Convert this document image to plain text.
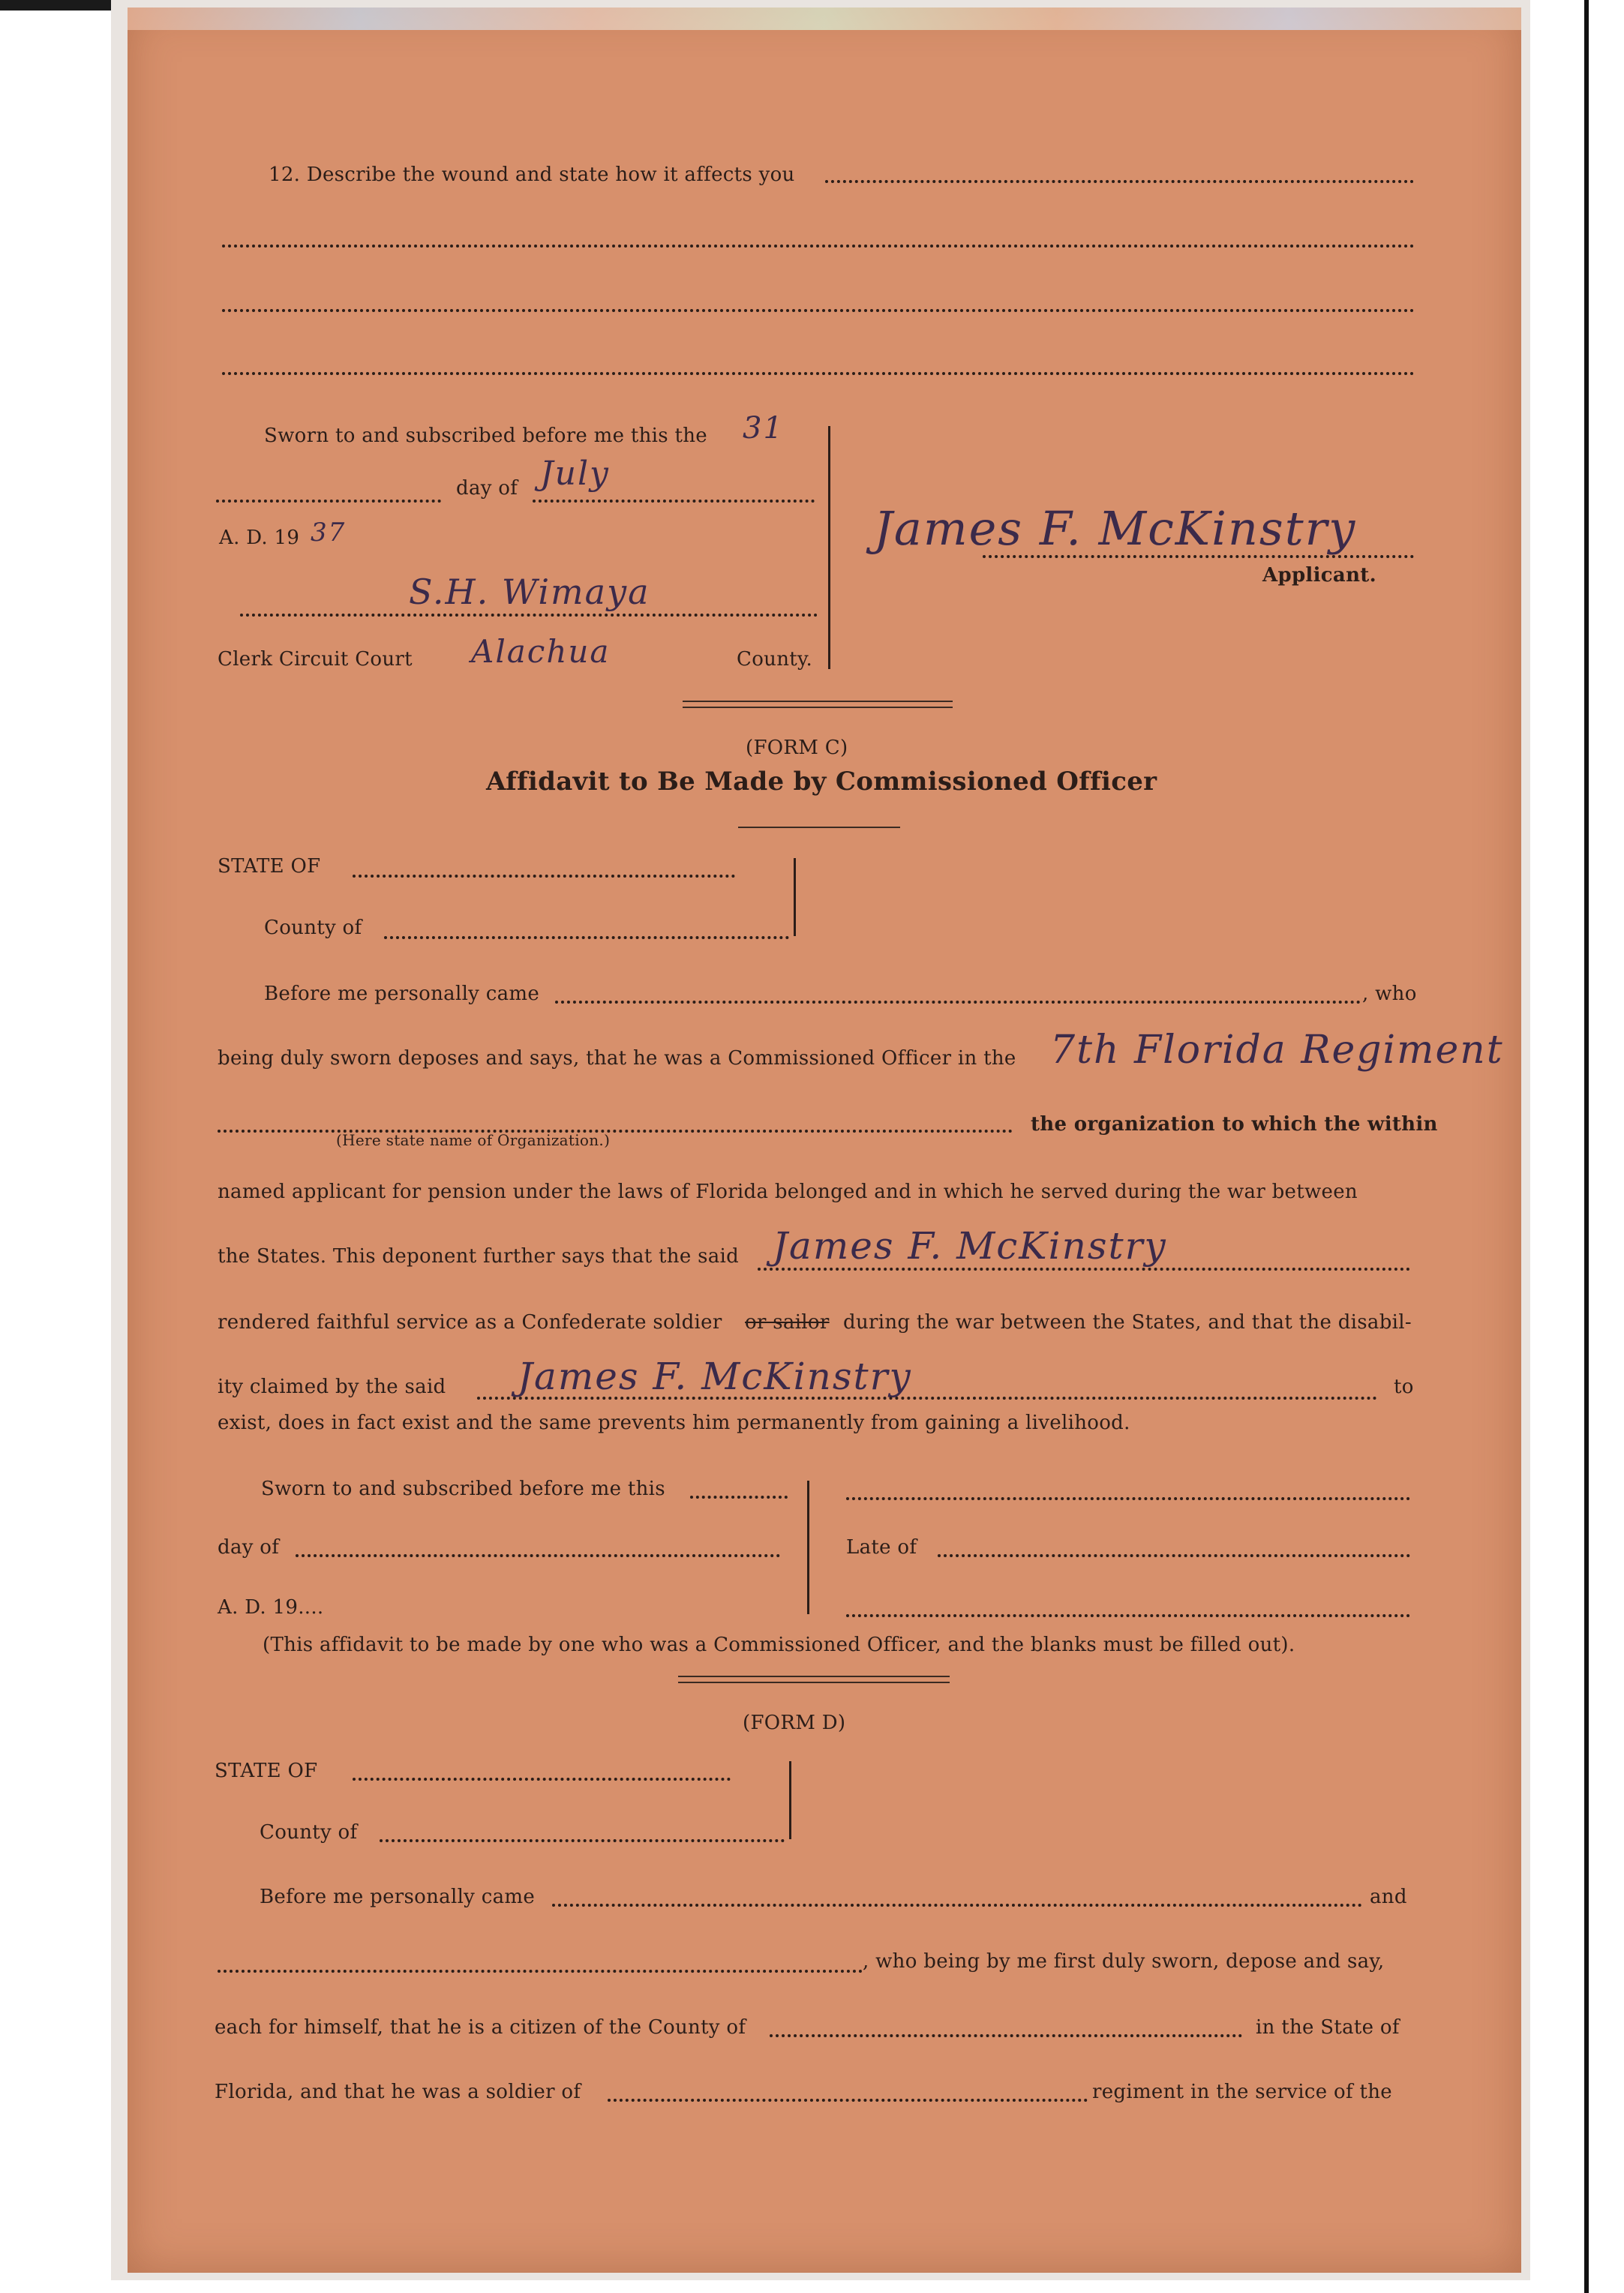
12. Describe the wound and state how it affects you
Sworn to and subscribed before me this the 31
day of July
A. D. 19 37
S.H. Wimaya
Clerk Circuit Court Alachua	County.
James F. McKinstry
Applicant.
(FORM C)
Affidavit to Be Made by Commissioned Officer
STATE OF
County of
Before me personally came	, who
being duly sworn deposes and says, that he was a Commissioned Officer in the 7th Florida Regiment
(Here state name of Organization.)
the organization to which the within
named applicant for pension under the laws of Florida belonged and in which he served during the war between
the States. This deponent further says that the said James F. McKinstry
rendered faithful service as a Confederate soldier or sailor during the war between the States, and that the disabil-
ity claimed by the said James F. McKinstry	to
exist, does in fact exist and the same prevents him permanently from gaining a livelihood.
Sworn to and subscribed before me this
day of
A. D. 19....
Late of
(This affidavit to be made by one who was a Commissioned Officer, and the blanks must be filled out).
(FORM D)
STATE OF
County of
Before me personally came	and
, who being by me first duly sworn, depose and say,
each for himself, that he is a citizen of the County of	in the State of
Florida, and that he was a soldier of	regiment in the service of the
